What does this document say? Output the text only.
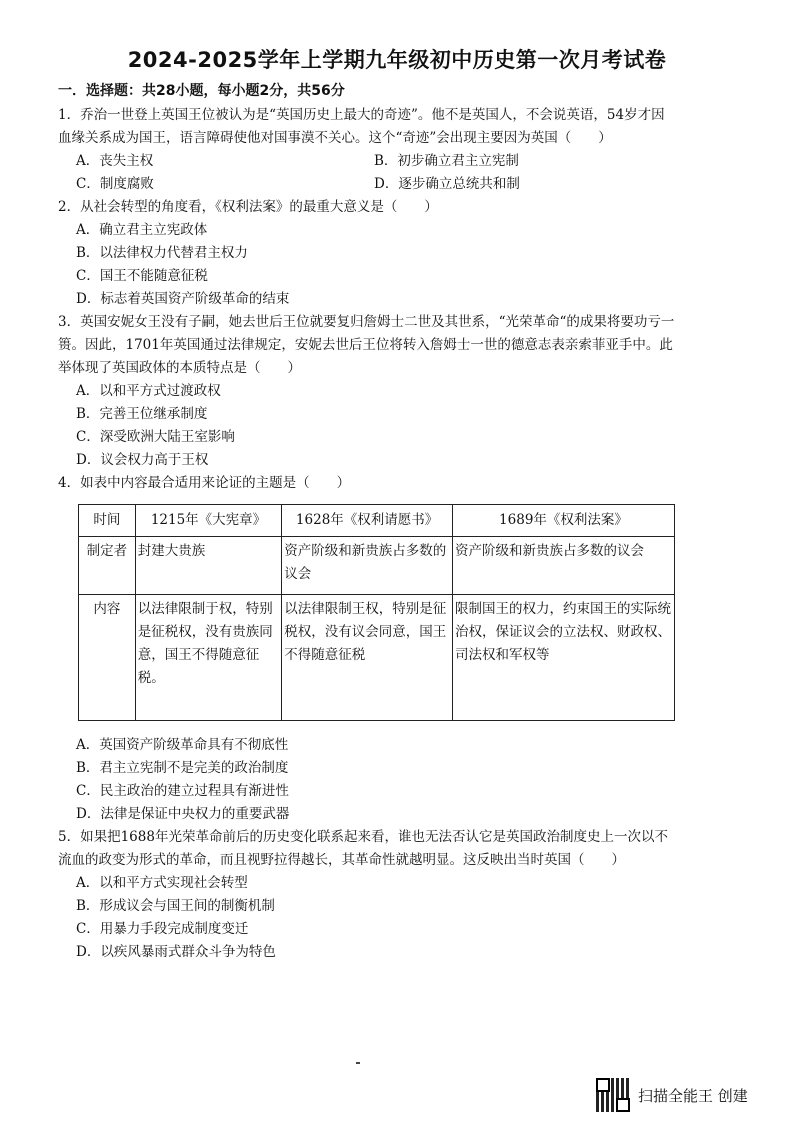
2024-2025学年上学期九年级初中历史第一次月考试卷
一．选择题：共28小题，每小题2分，共56分

1．乔治一世登上英国王位被认为是“英国历史上最大的奇迹”。他不是英国人，不会说英语，54岁才因血缘关系成为国王，语言障碍使他对国事漠不关心。这个“奇迹”会出现主要因为英国（　　）

A．丧失主权	B．初步确立君主立宪制
C．制度腐败	D．逐步确立总统共和制

2．从社会转型的角度看，《权利法案》的最重大意义是（　　）

A．确立君主立宪政体
B．以法律权力代替君主权力
C．国王不能随意征税
D．标志着英国资产阶级革命的结束

3．英国安妮女王没有子嗣，她去世后王位就要复归詹姆士二世及其世系，“光荣革命“的成果将要功亏一篑。因此，1701年英国通过法律规定，安妮去世后王位将转入詹姆士一世的德意志表亲索菲亚手中。此举体现了英国政体的本质特点是（　　）

A．以和平方式过渡政权
B．完善王位继承制度
C．深受欧洲大陆王室影响
D．议会权力高于王权

4．如表中内容最合适用来论证的主题是（　　）

时间	1215年《大宪章》	1628年《权利请愿书》	1689年《权利法案》
制定者	封建大贵族	资产阶级和新贵族占多数的议会	资产阶级和新贵族占多数的议会
内容	以法律限制于权，特别是征税权，没有贵族同意，国王不得随意征税。	以法律限制王权，特别是征税权，没有议会同意，国王不得随意征税	限制国王的权力，约束国王的实际统治权，保证议会的立法权、财政权、司法权和军权等
A．英国资产阶级革命具有不彻底性
B．君主立宪制不是完美的政治制度
C．民主政治的建立过程具有渐进性
D．法律是保证中央权力的重要武器

5．如果把1688年光荣革命前后的历史变化联系起来看，谁也无法否认它是英国政治制度史上一次以不流血的政变为形式的革命，而且视野拉得越长，其革命性就越明显。这反映出当时英国（　　）

A．以和平方式实现社会转型
B．形成议会与国王间的制衡机制
C．用暴力手段完成制度变迁
D．以疾风暴雨式群众斗争为特色
扫描全能王 创建
